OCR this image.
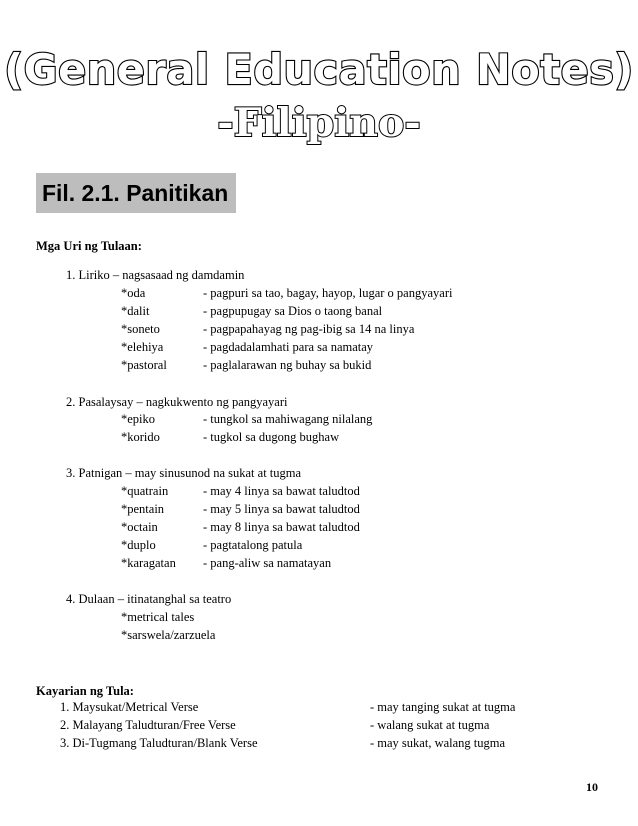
(General Education Notes)
-Filipino-
Fil. 2.1. Panitikan
Mga Uri ng Tulaan:
1. Liriko – nagsasaad ng damdamin
*oda	- pagpuri sa tao, bagay, hayop, lugar o pangyayari
*dalit	- pagpupugay sa Dios o taong banal
*soneto	- pagpapahayag ng pag-ibig sa 14 na linya
*elehiya	- pagdadalamhati para sa namatay
*pastoral	- paglalarawan ng buhay sa bukid
2. Pasalaysay – nagkukwento ng pangyayari
*epiko	- tungkol sa mahiwagang nilalang
*korido	- tugkol sa dugong bughaw
3. Patnigan – may sinusunod na sukat at tugma
*quatrain	- may 4 linya sa bawat taludtod
*pentain	- may 5 linya sa bawat taludtod
*octain	- may 8 linya sa bawat taludtod
*duplo	- pagtatalong patula
*karagatan - pang-aliw sa namatayan
4. Dulaan – itinatanghal sa teatro
*metrical tales
*sarswela/zarzuela
Kayarian ng Tula:
1. Maysukat/Metrical Verse	- may tanging sukat at tugma
2. Malayang Taludturan/Free Verse	- walang sukat at tugma
3. Di-Tugmang Taludturan/Blank Verse	- may sukat, walang tugma
10
